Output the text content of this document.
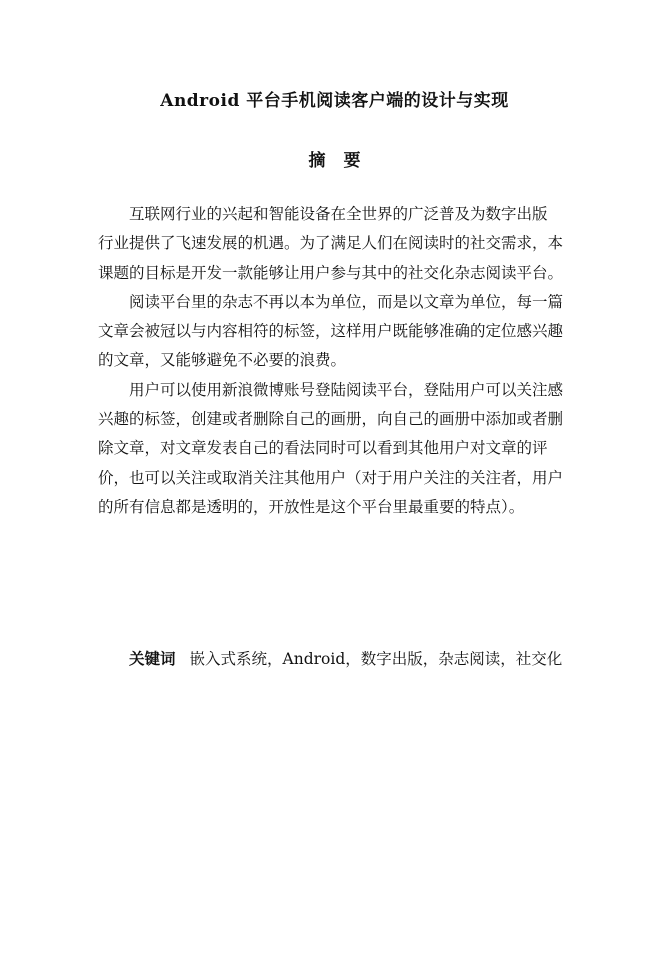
Android 平台手机阅读客户端的设计与实现
摘 要
互联网行业的兴起和智能设备在全世界的广泛普及为数字出版
行业提供了飞速发展的机遇。为了满足人们在阅读时的社交需求，本
课题的目标是开发一款能够让用户参与其中的社交化杂志阅读平台。
阅读平台里的杂志不再以本为单位，而是以文章为单位，每一篇
文章会被冠以与内容相符的标签，这样用户既能够准确的定位感兴趣
的文章，又能够避免不必要的浪费。
用户可以使用新浪微博账号登陆阅读平台，登陆用户可以关注感
兴趣的标签，创建或者删除自己的画册，向自己的画册中添加或者删
除文章，对文章发表自己的看法同时可以看到其他用户对文章的评
价，也可以关注或取消关注其他用户（对于用户关注的关注者，用户
的所有信息都是透明的，开放性是这个平台里最重要的特点）。
关键词 嵌入式系统，Android，数字出版，杂志阅读，社交化
